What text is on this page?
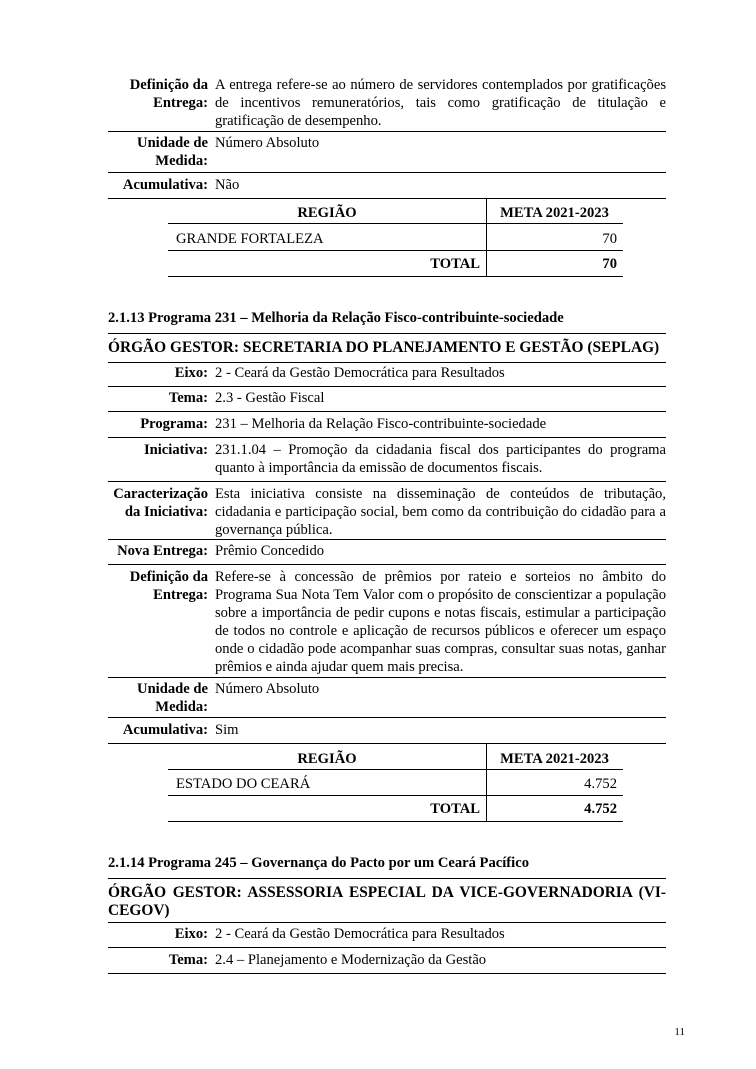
Definição da Entrega:
A entrega refere-se ao número de servidores contemplados por gratificações de incentivos remuneratórios, tais como gratificação de titulação e gratificação de desempenho.
Unidade de Medida:
Número Absoluto
Acumulativa: Não
REGIÃO	META 2021-2023
GRANDE FORTALEZA	70
TOTAL	70
2.1.13 Programa 231 – Melhoria da Relação Fisco-contribuinte-sociedade
ÓRGÃO GESTOR: SECRETARIA DO PLANEJAMENTO E GESTÃO (SEPLAG)
Eixo: 2 - Ceará da Gestão Democrática para Resultados
Tema: 2.3 - Gestão Fiscal
Programa: 231 – Melhoria da Relação Fisco-contribuinte-sociedade
Iniciativa: 231.1.04 – Promoção da cidadania fiscal dos participantes do programa quanto à importância da emissão de documentos fiscais.
Caracterização da Iniciativa:
Esta iniciativa consiste na disseminação de conteúdos de tributação, cidadania e participação social, bem como da contribuição do cidadão para a governança pública.
Nova Entrega: Prêmio Concedido
Definição da Entrega:
Refere-se à concessão de prêmios por rateio e sorteios no âmbito do Programa Sua Nota Tem Valor com o propósito de conscientizar a população sobre a importância de pedir cupons e notas fiscais, estimular a participação de todos no controle e aplicação de recursos públicos e oferecer um espaço onde o cidadão pode acompanhar suas compras, consultar suas notas, ganhar prêmios e ainda ajudar quem mais precisa.
Unidade de Medida:
Número Absoluto
Acumulativa: Sim
REGIÃO	META 2021-2023
ESTADO DO CEARÁ	4.752
TOTAL	4.752
2.1.14 Programa 245 – Governança do Pacto por um Ceará Pacífico
ÓRGÃO GESTOR: ASSESSORIA ESPECIAL DA VICE-GOVERNADORIA (VI-CEGOV)
Eixo: 2 - Ceará da Gestão Democrática para Resultados
Tema: 2.4 – Planejamento e Modernização da Gestão
11
